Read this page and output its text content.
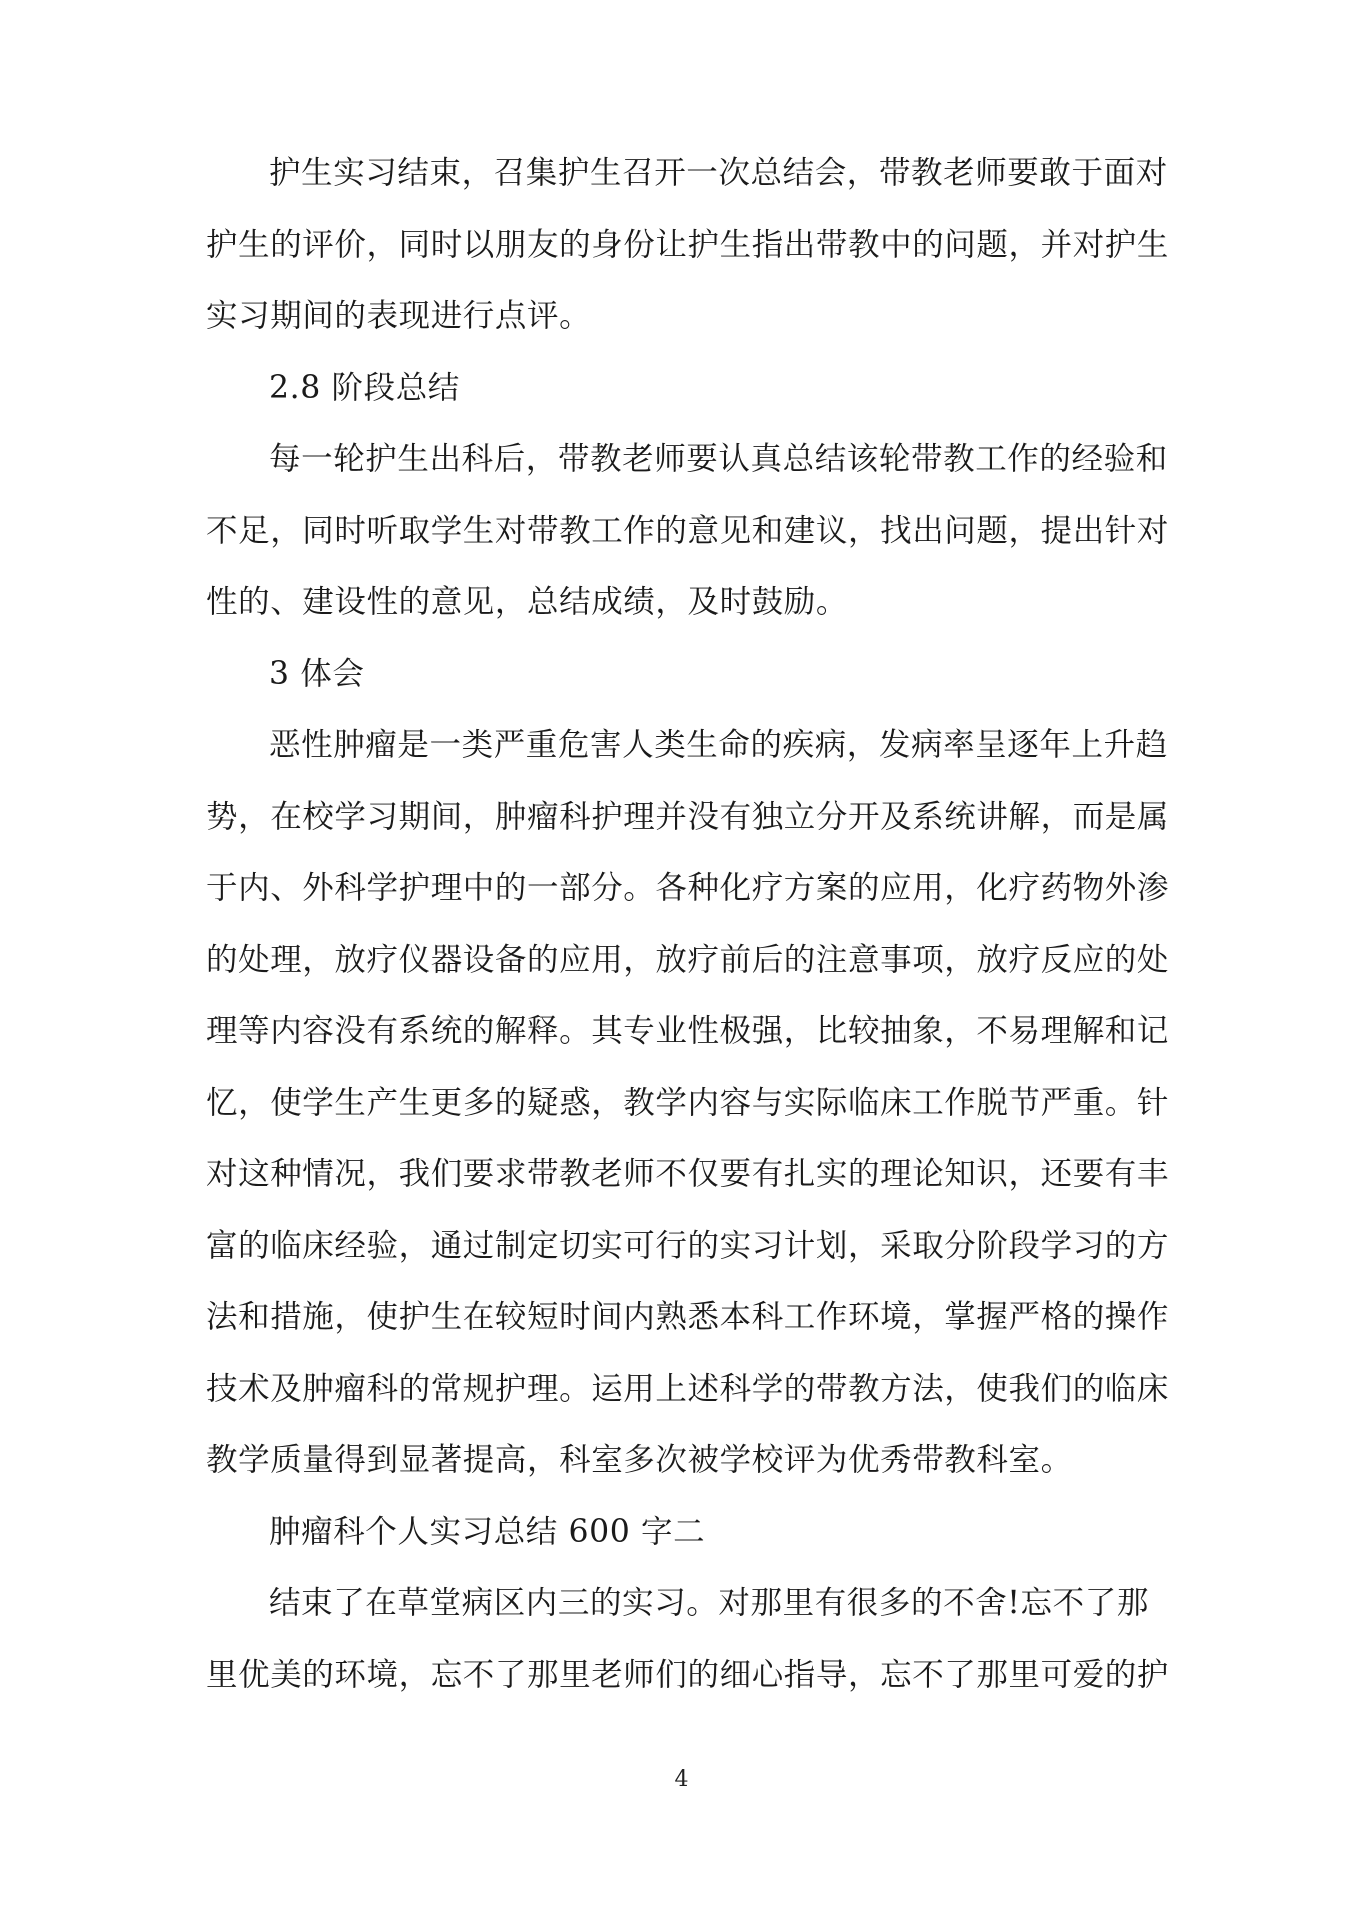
护生实习结束，召集护生召开一次总结会，带教老师要敢于面对
护生的评价，同时以朋友的身份让护生指出带教中的问题，并对护生
实习期间的表现进行点评。

2.8 阶段总结

每一轮护生出科后，带教老师要认真总结该轮带教工作的经验和
不足，同时听取学生对带教工作的意见和建议，找出问题，提出针对
性的、建设性的意见，总结成绩，及时鼓励。

3 体会

恶性肿瘤是一类严重危害人类生命的疾病，发病率呈逐年上升趋
势，在校学习期间，肿瘤科护理并没有独立分开及系统讲解，而是属
于内、外科学护理中的一部分。各种化疗方案的应用，化疗药物外渗
的处理，放疗仪器设备的应用，放疗前后的注意事项，放疗反应的处
理等内容没有系统的解释。其专业性极强，比较抽象，不易理解和记
忆，使学生产生更多的疑惑，教学内容与实际临床工作脱节严重。针
对这种情况，我们要求带教老师不仅要有扎实的理论知识，还要有丰
富的临床经验，通过制定切实可行的实习计划，采取分阶段学习的方
法和措施，使护生在较短时间内熟悉本科工作环境，掌握严格的操作
技术及肿瘤科的常规护理。运用上述科学的带教方法，使我们的临床
教学质量得到显著提高，科室多次被学校评为优秀带教科室。

肿瘤科个人实习总结 600 字二

结束了在草堂病区内三的实习。对那里有很多的不舍!忘不了那
里优美的环境，忘不了那里老师们的细心指导，忘不了那里可爱的护

4
